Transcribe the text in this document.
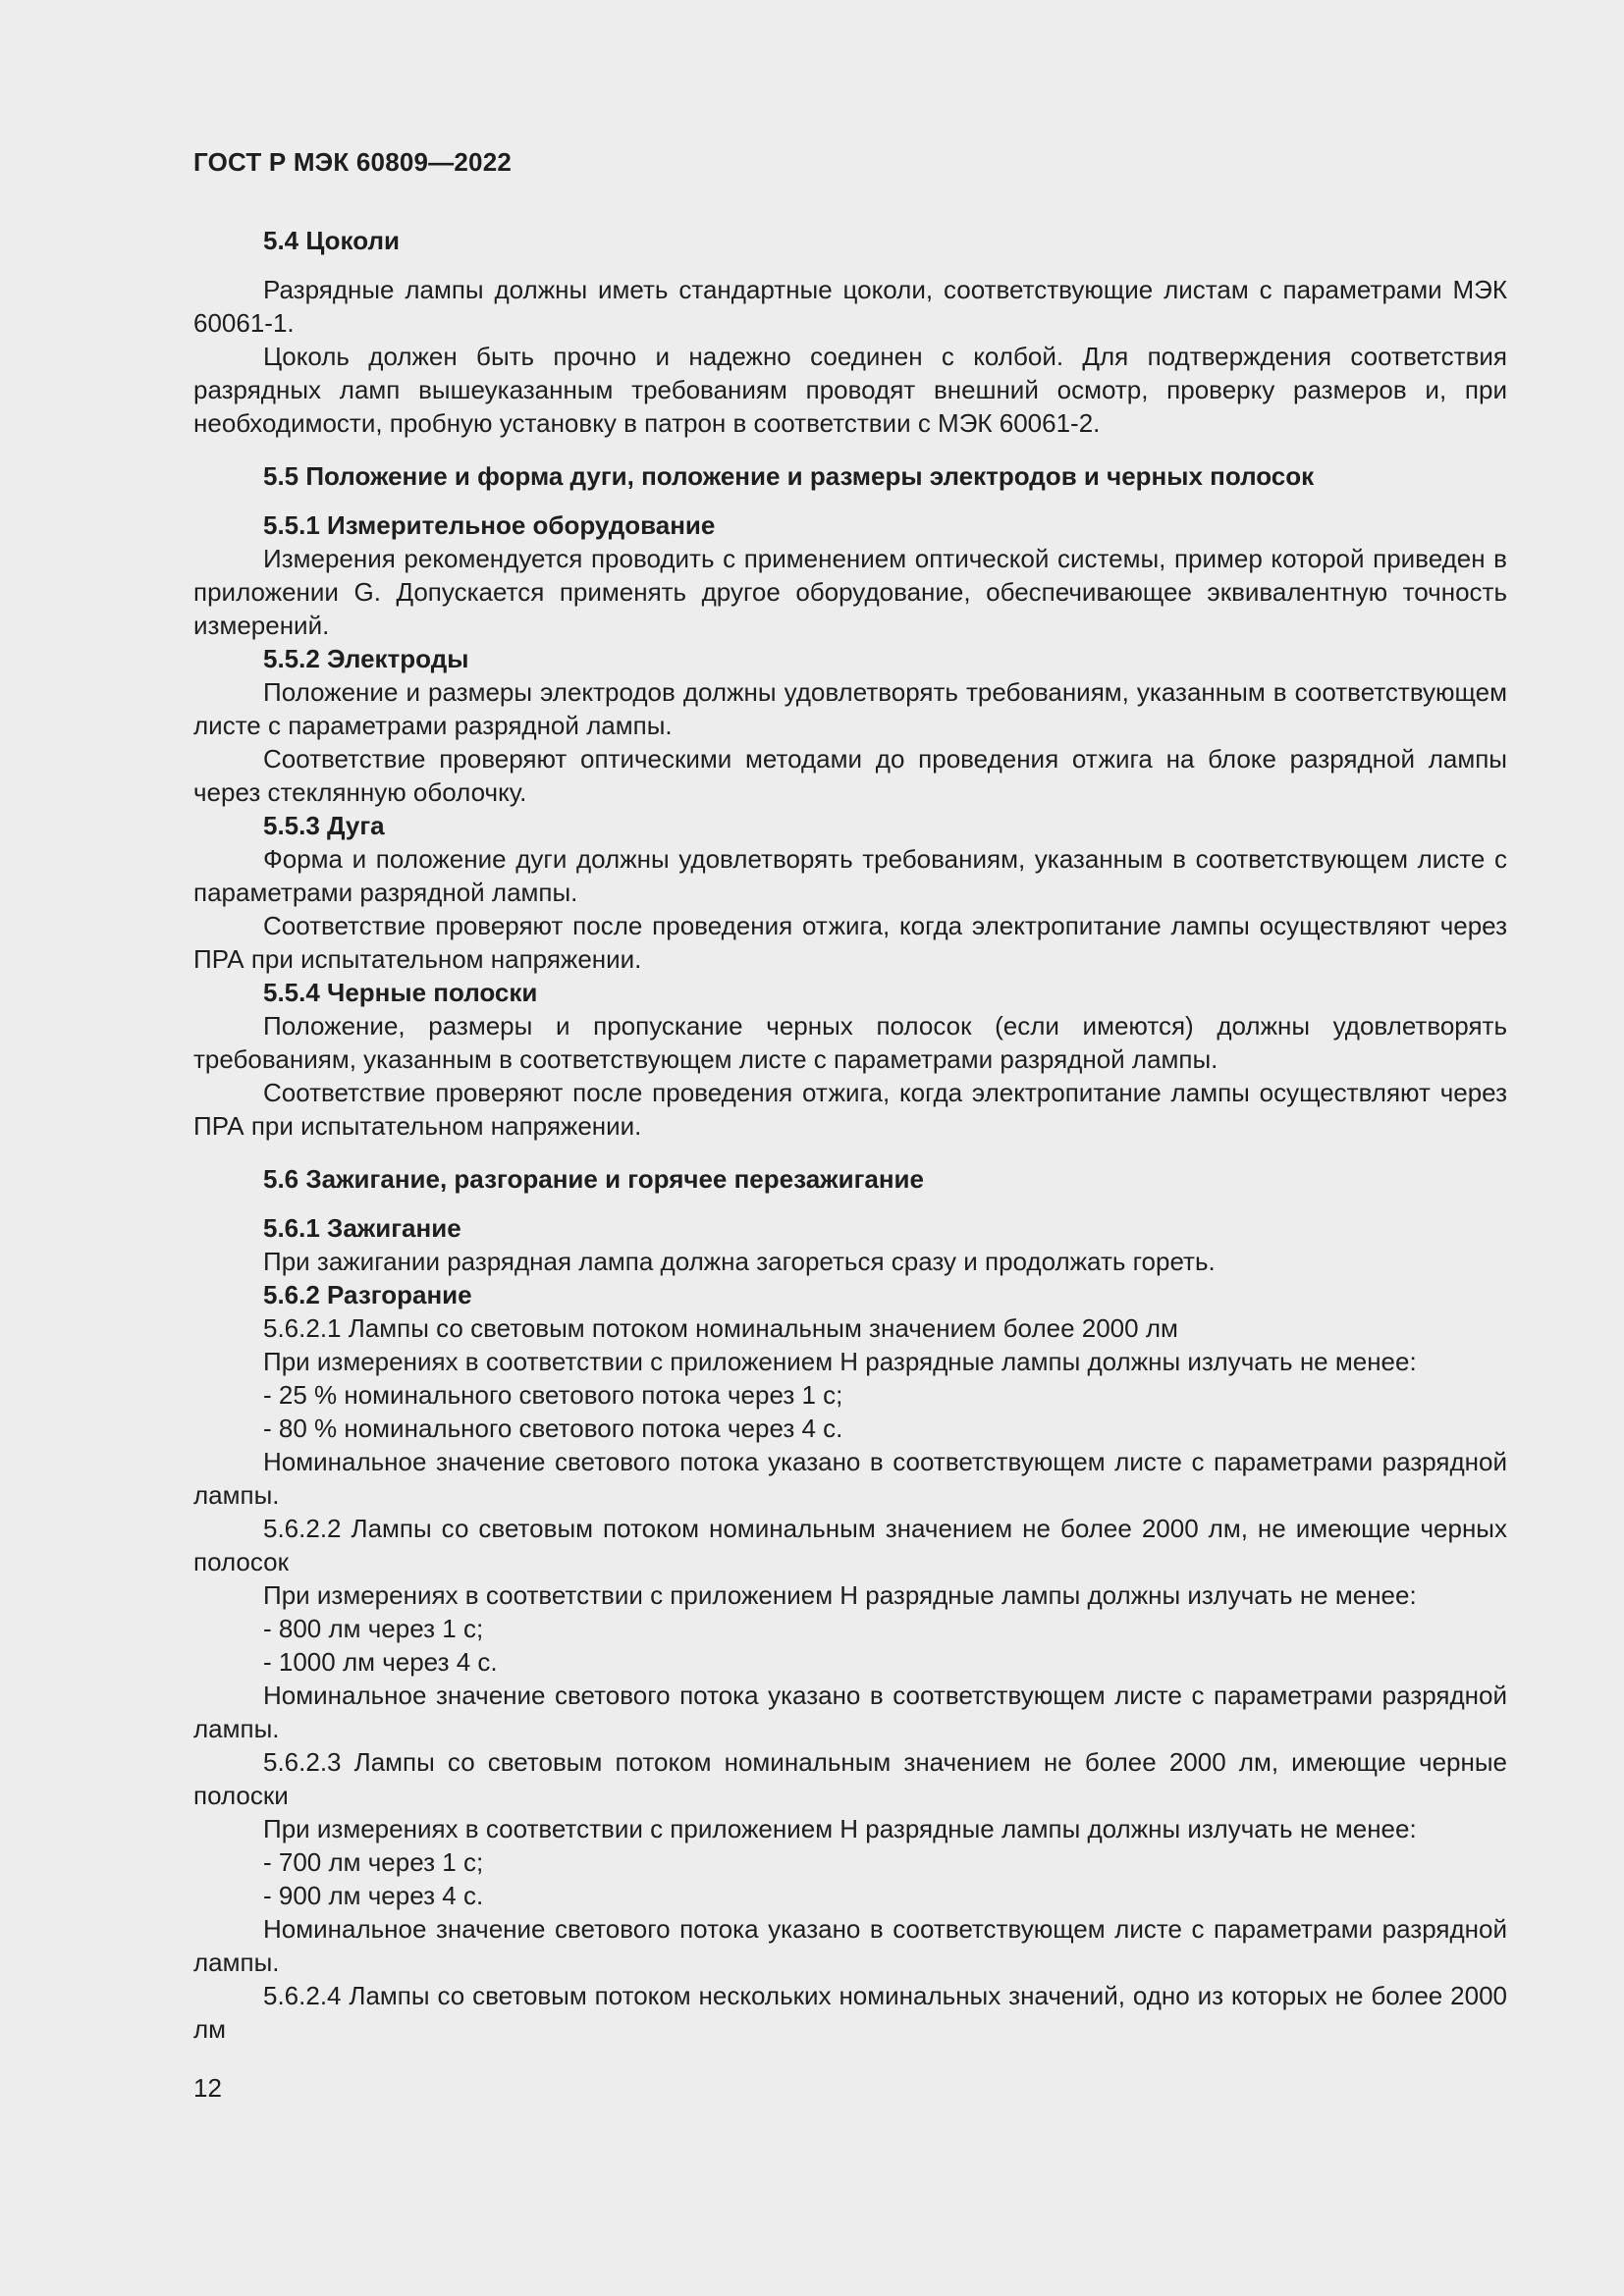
ГОСТ Р МЭК 60809—2022
5.4 Цоколи

Разрядные лампы должны иметь стандартные цоколи, соответствующие листам с параметрами МЭК 60061-1.

Цоколь должен быть прочно и надежно соединен с колбой. Для подтверждения соответствия разрядных ламп вышеуказанным требованиям проводят внешний осмотр, проверку размеров и, при необходимости, пробную установку в патрон в соответствии с МЭК 60061-2.

5.5 Положение и форма дуги, положение и размеры электродов и черных полосок
5.5.1 Измерительное оборудование

Измерения рекомендуется проводить с применением оптической системы, пример которой приведен в приложении G. Допускается применять другое оборудование, обеспечивающее эквивалентную точность измерений.

5.5.2 Электроды

Положение и размеры электродов должны удовлетворять требованиям, указанным в соответствующем листе с параметрами разрядной лампы.

Соответствие проверяют оптическими методами до проведения отжига на блоке разрядной лампы через стеклянную оболочку.

5.5.3 Дуга

Форма и положение дуги должны удовлетворять требованиям, указанным в соответствующем листе с параметрами разрядной лампы.

Соответствие проверяют после проведения отжига, когда электропитание лампы осуществляют через ПРА при испытательном напряжении.

5.5.4 Черные полоски

Положение, размеры и пропускание черных полосок (если имеются) должны удовлетворять требованиям, указанным в соответствующем листе с параметрами разрядной лампы.

Соответствие проверяют после проведения отжига, когда электропитание лампы осуществляют через ПРА при испытательном напряжении.

5.6 Зажигание, разгорание и горячее перезажигание
5.6.1 Зажигание

При зажигании разрядная лампа должна загореться сразу и продолжать гореть.

5.6.2 Разгорание

5.6.2.1 Лампы со световым потоком номинальным значением более 2000 лм

При измерениях в соответствии с приложением H разрядные лампы должны излучать не менее:

- 25 % номинального светового потока через 1 с;

- 80 % номинального светового потока через 4 с.

Номинальное значение светового потока указано в соответствующем листе с параметрами разрядной лампы.

5.6.2.2 Лампы со световым потоком номинальным значением не более 2000 лм, не имеющие черных полосок

При измерениях в соответствии с приложением H разрядные лампы должны излучать не менее:

- 800 лм через 1 с;

- 1000 лм через 4 с.

Номинальное значение светового потока указано в соответствующем листе с параметрами разрядной лампы.

5.6.2.3 Лампы со световым потоком номинальным значением не более 2000 лм, имеющие черные полоски

При измерениях в соответствии с приложением H разрядные лампы должны излучать не менее:

- 700 лм через 1 с;

- 900 лм через 4 с.

Номинальное значение светового потока указано в соответствующем листе с параметрами разрядной лампы.

5.6.2.4 Лампы со световым потоком нескольких номинальных значений, одно из которых не более 2000 лм

12
